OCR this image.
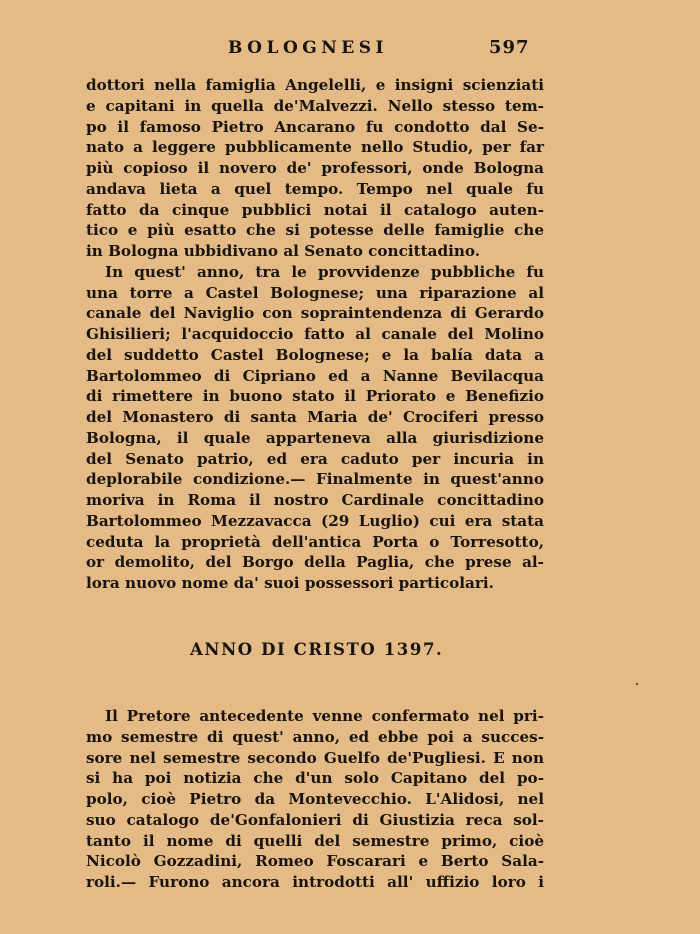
BOLOGNESI	597
dottori nella famiglia Angelelli, e insigni scienziati
e capitani in quella de'Malvezzi. Nello stesso tem-
po il famoso Pietro Ancarano fu condotto dal Se-
nato a leggere pubblicamente nello Studio, per far
più copioso il novero de' professori, onde Bologna
andava lieta a quel tempo. Tempo nel quale fu
fatto da cinque pubblici notai il catalogo auten-
tico e più esatto che si potesse delle famiglie che
in Bologna ubbidivano al Senato concittadino.
In quest' anno, tra le provvidenze pubbliche fu
una torre a Castel Bolognese; una riparazione al
canale del Naviglio con sopraintendenza di Gerardo
Ghisilieri; l'acquidoccio fatto al canale del Molino
del suddetto Castel Bolognese; e la balía data a
Bartolommeo di Cipriano ed a Nanne Bevilacqua
di rimettere in buono stato il Priorato e Benefizio
del Monastero di santa Maria de' Crociferi presso
Bologna, il quale apparteneva alla giurisdizione
del Senato patrio, ed era caduto per incuria in
deplorabile condizione.— Finalmente in quest'anno
moriva in Roma il nostro Cardinale concittadino
Bartolommeo Mezzavacca (29 Luglio) cui era stata
ceduta la proprietà dell'antica Porta o Torresotto,
or demolito, del Borgo della Paglia, che prese al-
lora nuovo nome da' suoi possessori particolari.
ANNO DI CRISTO 1397.
Il Pretore antecedente venne confermato nel pri-
mo semestre di quest' anno, ed ebbe poi a succes-
sore nel semestre secondo Guelfo de'Pugliesi. E non
si ha poi notizia che d'un solo Capitano del po-
polo, cioè Pietro da Montevecchio. L'Alidosi, nel
suo catalogo de'Gonfalonieri di Giustizia reca sol-
tanto il nome di quelli del semestre primo, cioè
Nicolò Gozzadini, Romeo Foscarari e Berto Sala-
roli.— Furono ancora introdotti all' uffizio loro i
